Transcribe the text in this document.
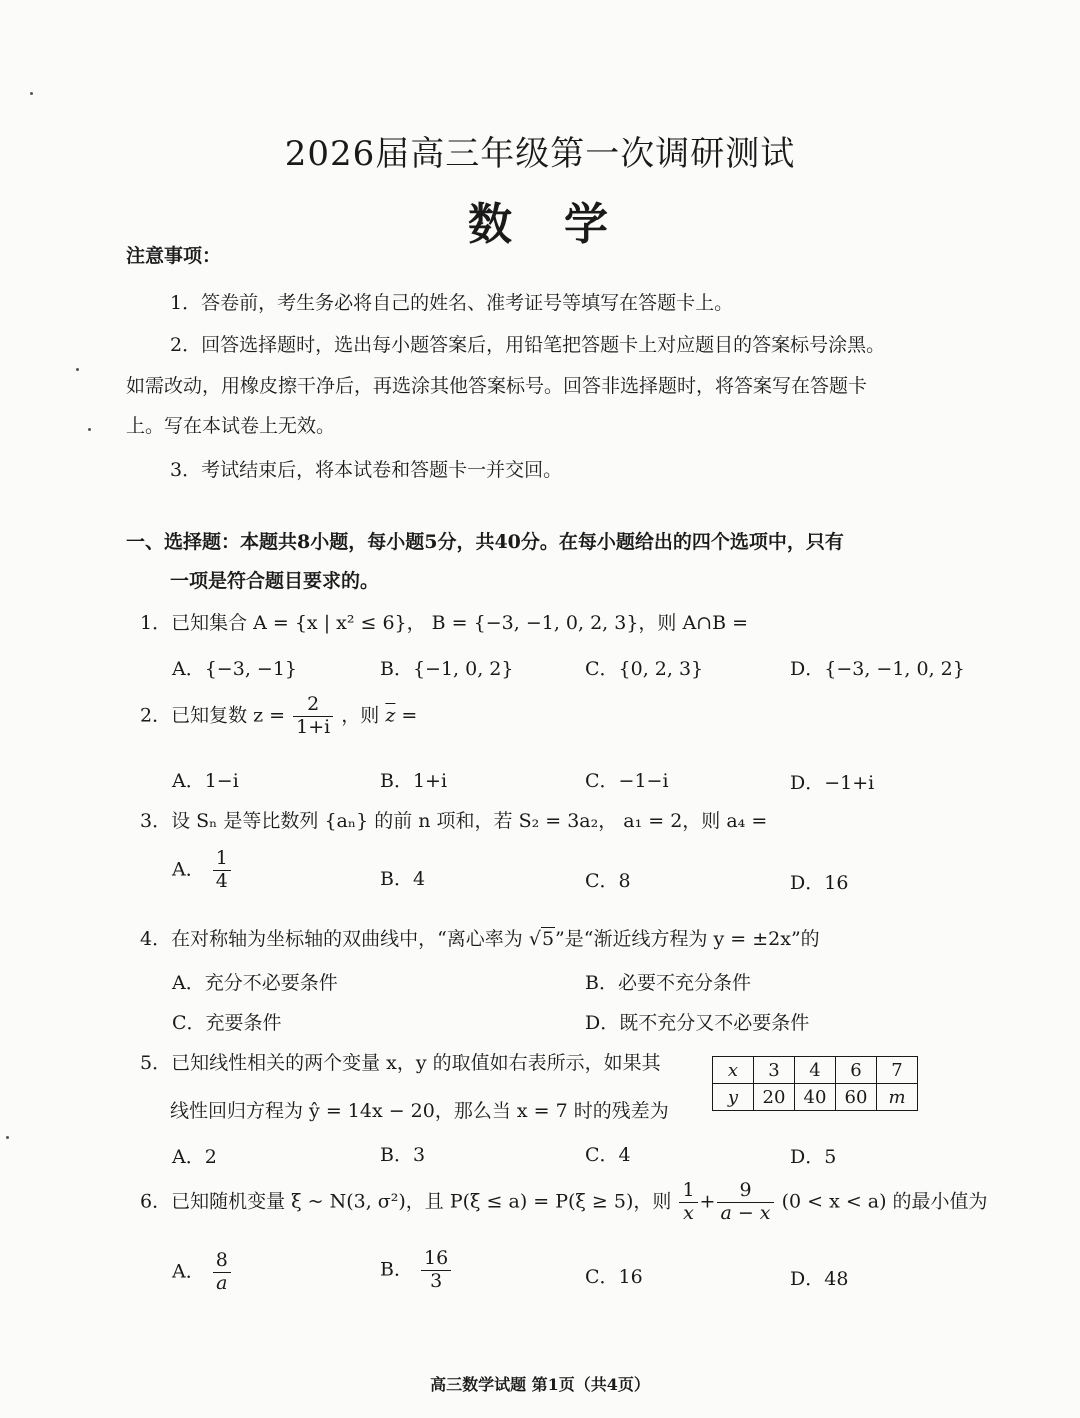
2026届高三年级第一次调研测试
数学
注意事项：
1．答卷前，考生务必将自己的姓名、准考证号等填写在答题卡上。
2．回答选择题时，选出每小题答案后，用铅笔把答题卡上对应题目的答案标号涂黑。
如需改动，用橡皮擦干净后，再选涂其他答案标号。回答非选择题时，将答案写在答题卡
上。写在本试卷上无效。
3．考试结束后，将本试卷和答题卡一并交回。
一、选择题：本题共8小题，每小题5分，共40分。在每小题给出的四个选项中，只有
一项是符合题目要求的。
1．已知集合 A = {x | x² ≤ 6}， B = {−3, −1, 0, 2, 3}，则 A∩B =
A．{−3, −1}	B．{−1, 0, 2}	C．{0, 2, 3}	D．{−3, −1, 0, 2}
2．已知复数 $z = \frac{2}{1+i}$ ，则 $\overline{z}$ =
A．1−i	B．1+i	C．−1−i	D．−1+i
3．设 Sₙ 是等比数列 {aₙ} 的前 n 项和，若 S₂ = 3a₂， a₁ = 2，则 a₄ =
A． $\frac{1}{4}$	B．4	C．8	D．16
4．在对称轴为坐标轴的双曲线中，“离心率为 √5”是“渐近线方程为 y = ±2x”的
A．充分不必要条件	B．必要不充分条件
C．充要条件	D．既不充分又不必要条件
5．已知线性相关的两个变量 x，y 的取值如右表所示，如果其
线性回归方程为 ŷ = 14x − 20，那么当 x = 7 时的残差为
x	3	4	6	7
y	20	40	60	m
A．2	B．3	C．4	D．5
6．已知随机变量 ξ ~ N(3, σ²)，且 P(ξ ≤ a) = P(ξ ≥ 5)，则 $\frac{1}{x} + \frac{9}{a - x} (0 < x < a)$ 的最小值为
A． $\frac{8}{a}$	B． $\frac{16}{3}$	C．16	D．48
高三数学试题 第1页（共4页）
